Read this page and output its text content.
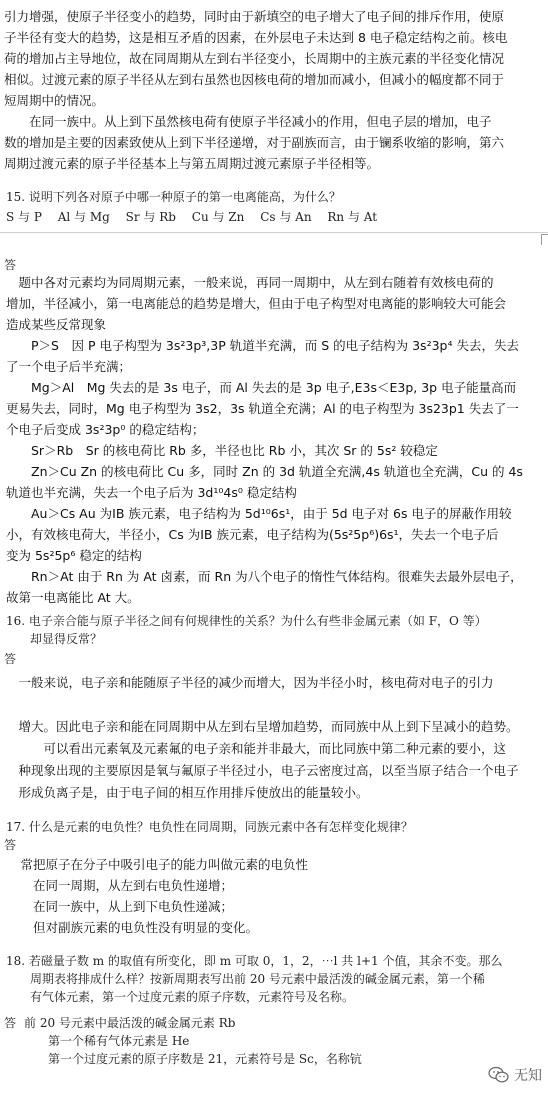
引力增强，使原子半径变小的趋势，同时由于新填空的电子增大了电子间的排斥作用，使原
子半径有变大的趋势，这是相互矛盾的因素，在外层电子未达到 8 电子稳定结构之前。核电
荷的增加占主导地位，故在同周期从左到右半径变小，长周期中的主族元素的半径变化情况
相似。过渡元素的原子半径从左到右虽然也因核电荷的增加而减小，但减小的幅度都不同于
短周期中的情况。
　　在同一族中。从上到下虽然核电荷有使原子半径减小的作用，但电子层的增加，电子
数的增加是主要的因素致使从上到下半径递增，对于副族而言，由于镧系收缩的影响，第六
周期过渡元素的原子半径基本上与第五周期过渡元素原子半径相等。
15. 说明下列各对原子中哪一种原子的第一电离能高，为什么？
S 与 P　 Al 与 Mg　 Sr 与 Rb　 Cu 与 Zn　 Cs 与 An　 Rn 与 At
答
　题中各对元素均为同周期元素，一般来说，再同一周期中，从左到右随着有效核电荷的
增加，半径减小，第一电离能总的趋势是增大，但由于电子构型对电离能的影响较大可能会
造成某些反常现象
　　P＞S　因 P 电子构型为 3s²3p³,3P 轨道半充满，而 S 的电子结构为 3s²3p⁴ 失去，失去
了一个电子后半充满；
　　Mg＞Al　Mg 失去的是 3s 电子，而 Al 失去的是 3p 电子,E3s＜E3p, 3p 电子能量高而
更易失去，同时，Mg 电子构型为 3s2，3s 轨道全充满；Al 的电子构型为 3s23p1 失去了一
个电子后变成 3s²3p⁰ 的稳定结构；
　　Sr＞Rb　Sr 的核电荷比 Rb 多，半径也比 Rb 小，其次 Sr 的 5s² 较稳定
　　Zn＞Cu Zn 的核电荷比 Cu 多，同时 Zn 的 3d 轨道全充满,4s 轨道也全充满，Cu 的 4s
轨道也半充满，失去一个电子后为 3d¹⁰4s⁰ 稳定结构
　　Au＞Cs Au 为ⅠB 族元素，电子结构为 5d¹⁰6s¹，由于 5d 电子对 6s 电子的屏蔽作用较
小，有效核电荷大，半径小，Cs 为ⅠB 族元素，电子结构为(5s²5p⁶)6s¹，失去一个电子后
变为 5s²5p⁶ 稳定的结构
　　Rn＞At 由于 Rn 为 At 卤素，而 Rn 为八个电子的惰性气体结构。很难失去最外层电子，
故第一电离能比 At 大。
16. 电子亲合能与原子半径之间有何规律性的关系？为什么有些非金属元素（如 F，O 等）
　　却显得反常？
答
　一般来说，电子亲和能随原子半径的减少而增大，因为半径小时，核电荷对电子的引力

　增大。因此电子亲和能在同周期中从左到右呈增加趋势，而同族中从上到下呈减小的趋势。
　　　可以看出元素氧及元素氟的电子亲和能并非最大，而比同族中第二种元素的要小，这
　种现象出现的主要原因是氧与氟原子半径过小，电子云密度过高，以至当原子结合一个电子
　形成负离子是，由于电子间的相互作用排斥使放出的能量较小。
17. 什么是元素的电负性？电负性在同周期，同族元素中各有怎样变化规律？
答
　常把原子在分子中吸引电子的能力叫做元素的电负性
　　在同一周期，从左到右电负性递增；
　　在同一族中，从上到下电负性递减；
　　但对副族元素的电负性没有明显的变化。
18. 若磁量子数 m 的取值有所变化，即 m 可取 0，1，2，⋯l 共 l+1 个值，其余不变。那么
　　周期表将排成什么样？按新周期表写出前 20 号元素中最活泼的碱金属元素，第一个稀
　　有气体元素，第一个过度元素的原子序数，元素符号及名称。
答 前 20 号元素中最活泼的碱金属元素 Rb
　　第一个稀有气体元素是 He
　　第一个过度元素的原子序数是 21，元素符号是 Sc，名称钪
无知
